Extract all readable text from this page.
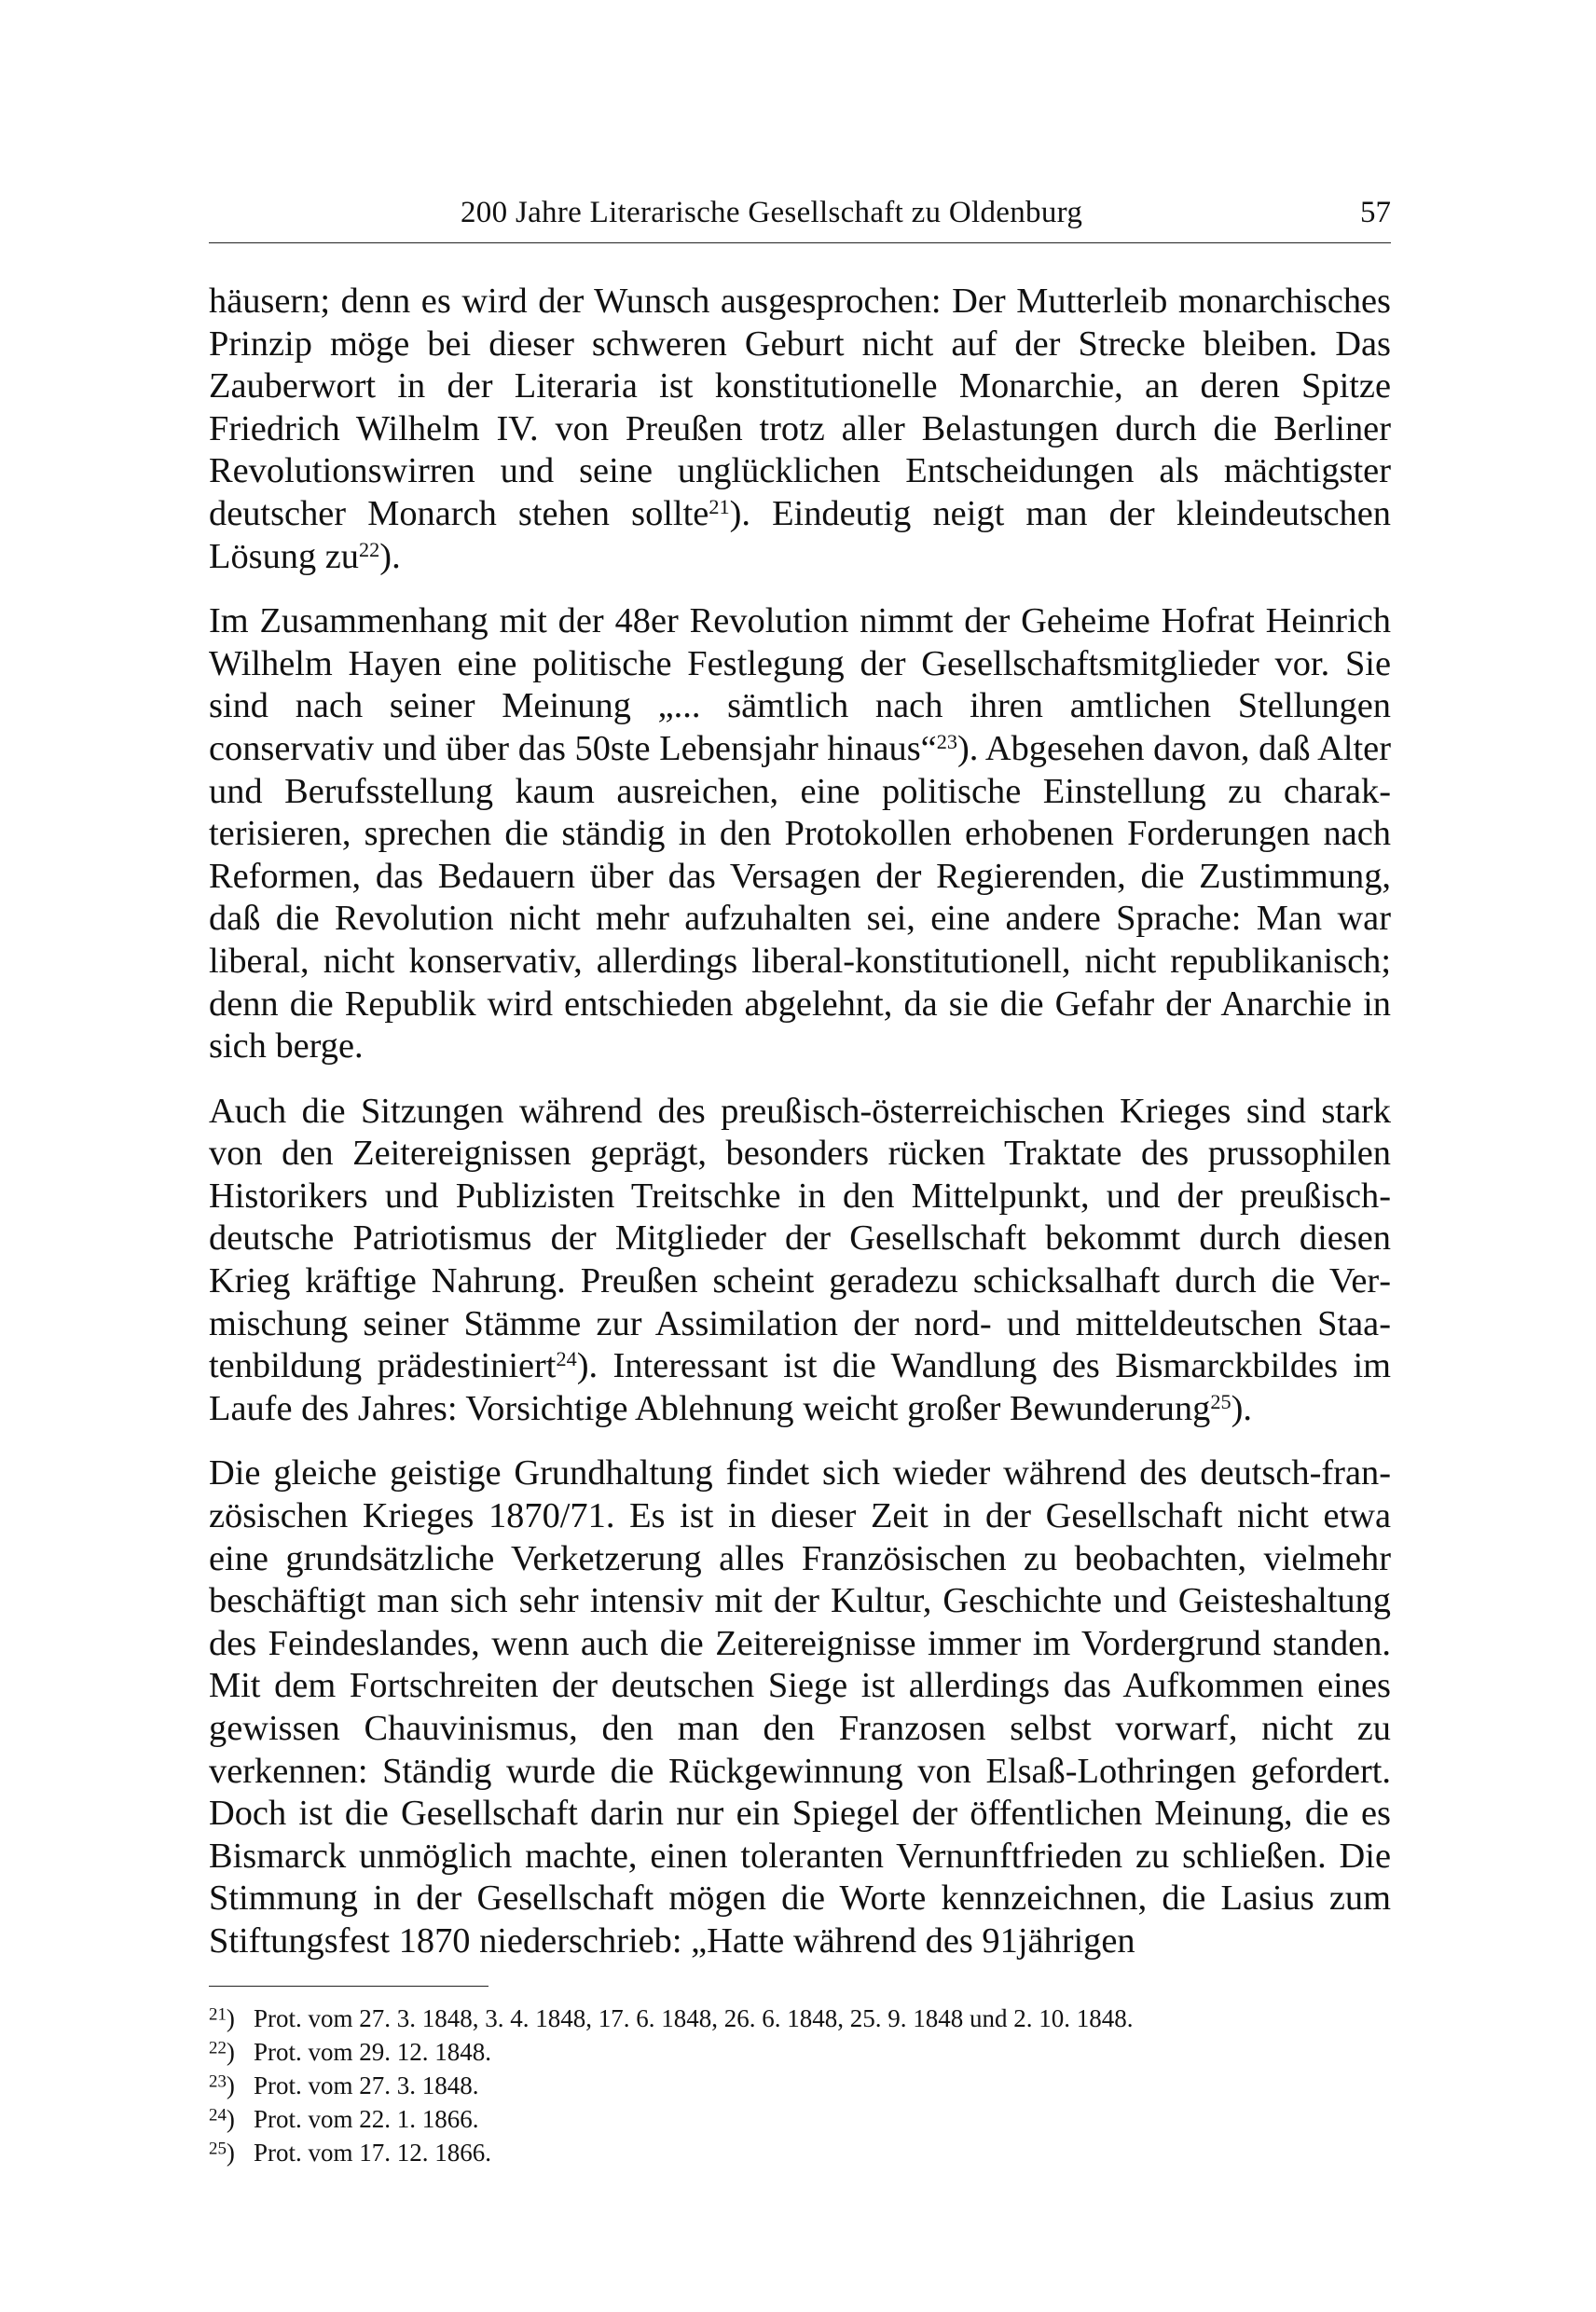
200 Jahre Literarische Gesellschaft zu Oldenburg	57

häusern; denn es wird der Wunsch ausgesprochen: Der Mutterleib monarchisches Prinzip möge bei dieser schweren Geburt nicht auf der Strecke bleiben. Das Zauberwort in der Literaria ist konstitutionelle Monarchie, an deren Spitze Friedrich Wilhelm IV. von Preußen trotz aller Belastungen durch die Berliner Revolutionswirren und seine unglücklichen Entscheidungen als mächtigster deutscher Monarch stehen sollte$^{21}$). Eindeutig neigt man der kleindeutschen Lösung $zu^{22}$).

Im Zusammenhang mit der 48er Revolution nimmt der Geheime Hofrat Heinrich Wilhelm Hayen eine politische Festlegung der Gesellschaftsmitglieder vor. Sie sind nach seiner Meinung „... sämtlich nach ihren amtlichen Stellungen conservativ und über das 50ste Lebensjahr hinaus“$^{23}$). Abgesehen davon, daß Alter und Berufsstellung kaum ausreichen, eine politische Einstellung zu charakterisieren, sprechen die ständig in den Protokollen erhobenen Forderungen nach Reformen, das Bedauern über das Versagen der Regierenden, die Zustimmung, daß die Revolution nicht mehr aufzuhalten sei, eine andere Sprache: Man war liberal, nicht konservativ, allerdings liberal-konstitutionell, nicht republikanisch; denn die Republik wird entschieden abgelehnt, da sie die Gefahr der Anarchie in sich berge.

Auch die Sitzungen während des preußisch-österreichischen Krieges sind stark von den Zeitereignissen geprägt, besonders rücken Traktate des prussophilen Historikers und Publizisten Treitschke in den Mittelpunkt, und der preußischdeutsche Patriotismus der Mitglieder der Gesellschaft bekommt durch diesen Krieg kräftige Nahrung. Preußen scheint geradezu schicksalhaft durch die Vermischung seiner Stämme zur Assimilation der nord- und mitteldeutschen Staatenbildung prädestiniert$^{24}$). Interessant ist die Wandlung des Bismarckbildes im Laufe des Jahres: Vorsichtige Ablehnung weicht großer Bewunderung$^{25}$).

Die gleiche geistige Grundhaltung findet sich wieder während des deutsch-französischen Krieges 1870/71. Es ist in dieser Zeit in der Gesellschaft nicht etwa eine grundsätzliche Verketzerung alles Französischen zu beobachten, vielmehr beschäftigt man sich sehr intensiv mit der Kultur, Geschichte und Geisteshaltung des Feindeslandes, wenn auch die Zeitereignisse immer im Vordergrund standen. Mit dem Fortschreiten der deutschen Siege ist allerdings das Aufkommen eines gewissen Chauvinismus, den man den Franzosen selbst vorwarf, nicht zu verkennen: Ständig wurde die Rückgewinnung von Elsaß-Lothringen gefordert. Doch ist die Gesellschaft darin nur ein Spiegel der öffentlichen Meinung, die es Bismarck unmöglich machte, einen toleranten Vernunftfrieden zu schließen. Die Stimmung in der Gesellschaft mögen die Worte kennzeichnen, die Lasius zum Stiftungsfest 1870 niederschrieb: „Hatte während des 91jährigen

$^{21}$) Prot. vom 27. 3. 1848, 3. 4. 1848, 17. 6. 1848, 26. 6. 1848, 25. 9. 1848 und 2. 10. 1848.

$^{22}$) Prot. vom 29. 12. 1848.

$^{23}$) Prot. vom 27. 3. 1848.

$^{24}$) Prot. vom 22. 1. 1866.

$^{25}$) Prot. vom 17. 12. 1866.
